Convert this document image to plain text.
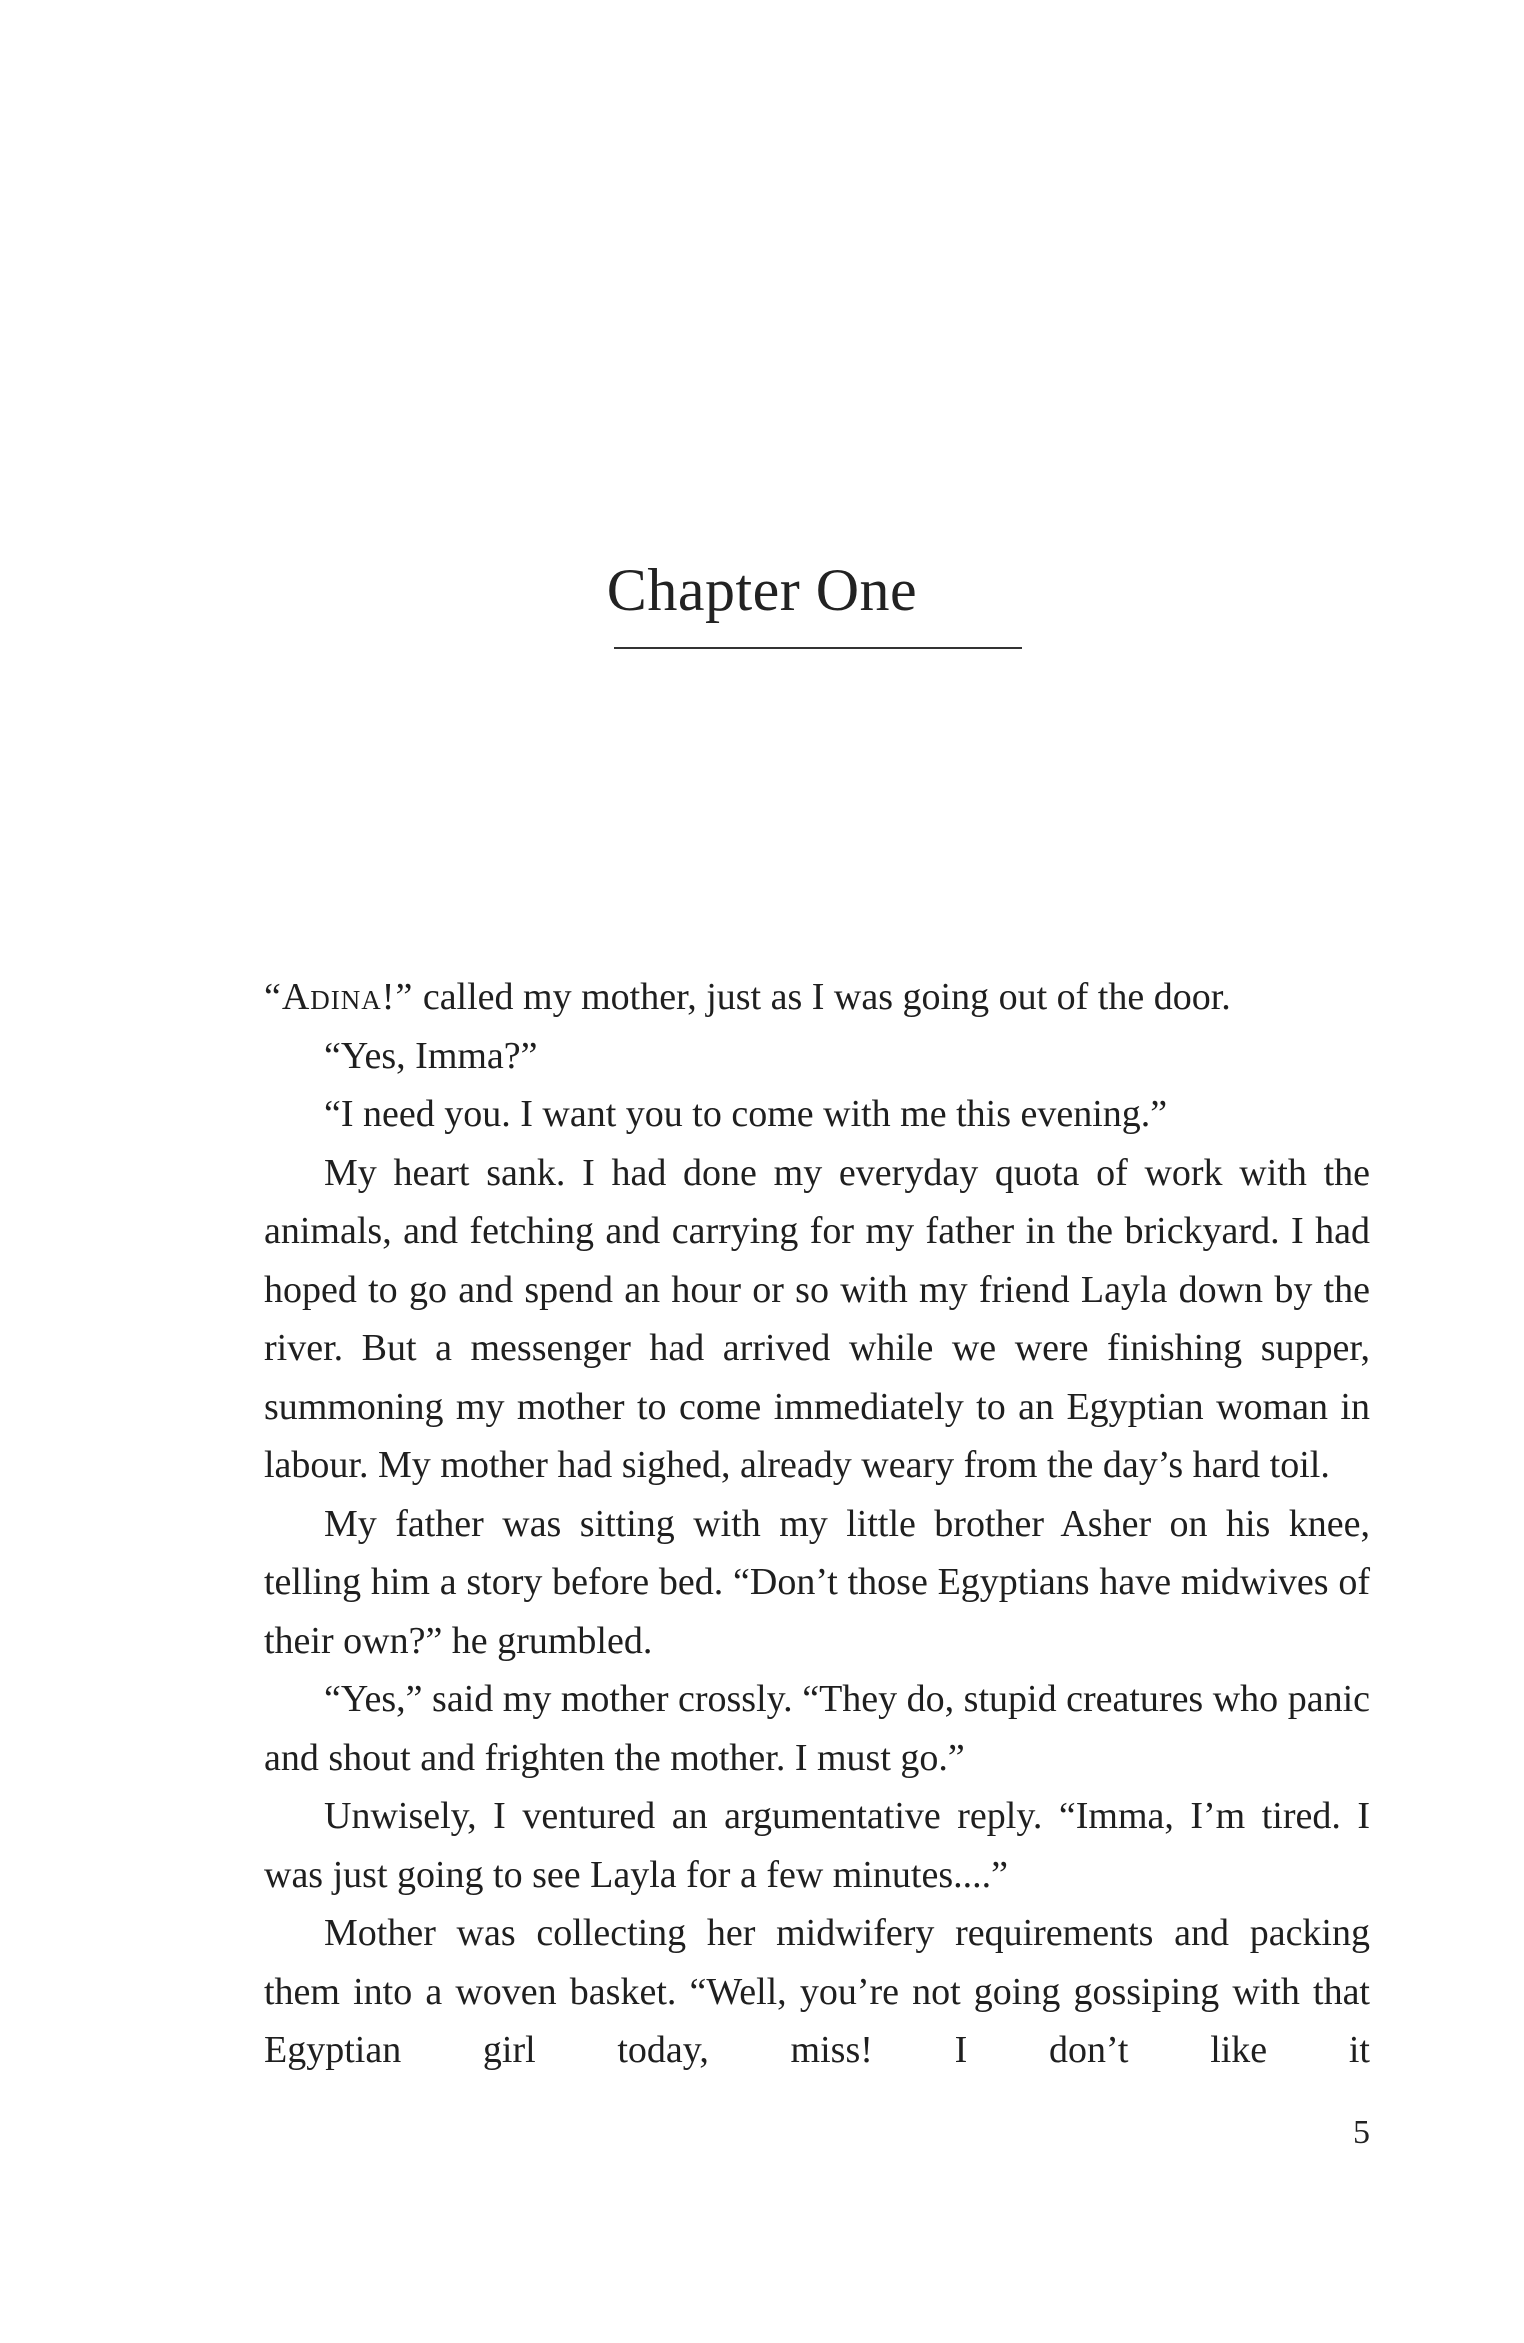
Chapter One

“Adina!” called my mother, just as I was going out of the door.

“Yes, Imma?”

“I need you. I want you to come with me this evening.”

My heart sank. I had done my everyday quota of work with the animals, and fetching and carrying for my father in the brickyard. I had hoped to go and spend an hour or so with my friend Layla down by the river. But a messenger had arrived while we were finishing supper, summoning my mother to come immediately to an Egyptian woman in labour. My mother had sighed, already weary from the day’s hard toil.

My father was sitting with my little brother Asher on his knee, telling him a story before bed. “Don’t those Egyptians have midwives of their own?” he grumbled.

“Yes,” said my mother crossly. “They do, stupid creatures who panic and shout and frighten the mother. I must go.”

Unwisely, I ventured an argumentative reply. “Imma, I’m tired. I was just going to see Layla for a few minutes....”

Mother was collecting her midwifery requirements and packing them into a woven basket. “Well, you’re not going gossiping with that Egyptian girl today, miss! I don’t like it

5
